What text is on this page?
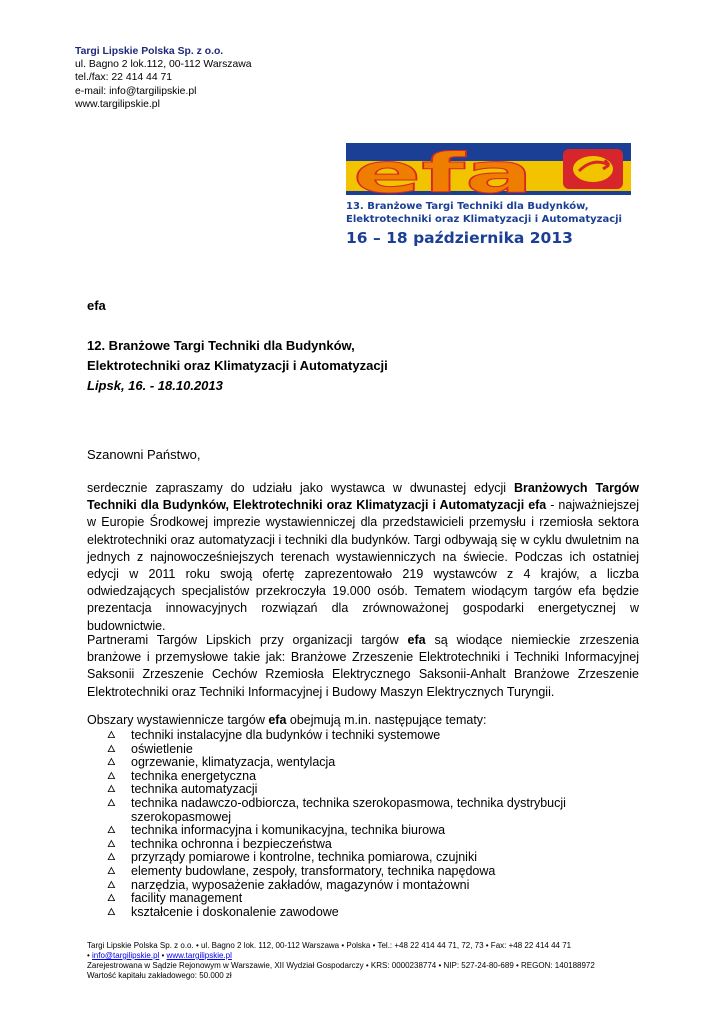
Targi Lipskie Polska Sp. z o.o.
ul. Bagno 2 lok.112, 00-112 Warszawa
tel./fax: 22 414 44 71
e-mail: info@targilipskie.pl
www.targilipskie.pl
efa
13. Branżowe Targi Techniki dla Budynków,
Elektrotechniki oraz Klimatyzacji i Automatyzacji
16 – 18 października 2013
efa
12. Branżowe Targi Techniki dla Budynków,
Elektrotechniki oraz Klimatyzacji i Automatyzacji
Lipsk, 16. - 18.10.2013
Szanowni Państwo,
serdecznie zapraszamy do udziału jako wystawca w dwunastej edycji Branżowych Targów Techniki dla Budynków, Elektrotechniki oraz Klimatyzacji i Automatyzacji efa - najważniejszej w Europie Środkowej imprezie wystawienniczej dla przedstawicieli przemysłu i rzemiosła sektora elektrotechniki oraz automatyzacji i techniki dla budynków. Targi odbywają się w cyklu dwuletnim na jednych z najnowocześniejszych terenach wystawienniczych na świecie. Podczas ich ostatniej edycji w 2011 roku swoją ofertę zaprezentowało 219 wystawców z 4 krajów, a liczba odwiedzających specjalistów przekroczyła 19.000 osób. Tematem wiodącym targów efa będzie prezentacja innowacyjnych rozwiązań dla zrównoważonej gospodarki energetycznej w budownictwie.
Partnerami Targów Lipskich przy organizacji targów efa są wiodące niemieckie zrzeszenia branżowe i przemysłowe takie jak: Branżowe Zrzeszenie Elektrotechniki i Techniki Informacyjnej Saksonii Zrzeszenie Cechów Rzemiosła Elektrycznego Saksonii-Anhalt Branżowe Zrzeszenie Elektrotechniki oraz Techniki Informacyjnej i Budowy Maszyn Elektrycznych Turyngii.
Obszary wystawiennicze targów efa obejmują m.in. następujące tematy:
🜂 techniki instalacyjne dla budynków i techniki systemowe
🜂 oświetlenie
🜂 ogrzewanie, klimatyzacja, wentylacja
🜂 technika energetyczna
🜂 technika automatyzacji
🜂 technika nadawczo-odbiorcza, technika szerokopasmowa, technika dystrybucji szerokopasmowej
🜂 technika informacyjna i komunikacyjna, technika biurowa
🜂 technika ochronna i bezpieczeństwa
🜂 przyrządy pomiarowe i kontrolne, technika pomiarowa, czujniki
🜂 elementy budowlane, zespoły, transformatory, technika napędowa
🜂 narzędzia, wyposażenie zakładów, magazynów i montażowni
🜂 facility management
🜂 kształcenie i doskonalenie zawodowe
Targi Lipskie Polska Sp. z o.o. • ul. Bagno 2 lok. 112, 00-112 Warszawa • Polska • Tel.: +48 22 414 44 71, 72, 73 • Fax: +48 22 414 44 71
• info@targilipskie.pl • www.targilipskie.pl
Zarejestrowana w Sądzie Rejonowym w Warszawie, XII Wydział Gospodarczy • KRS: 0000238774 • NIP: 527-24-80-689 • REGON: 140188972
Wartość kapitału zakładowego: 50.000 zł
